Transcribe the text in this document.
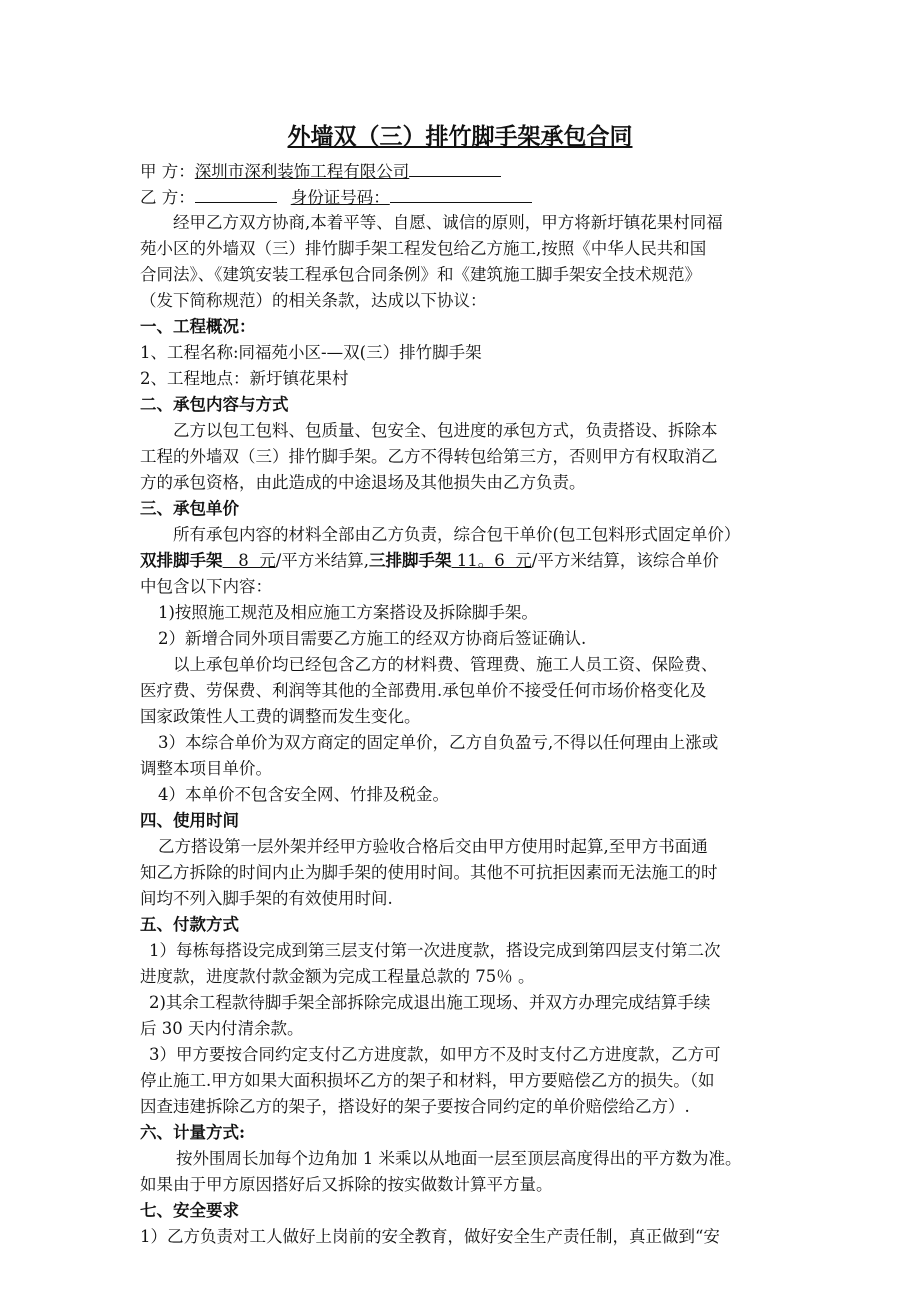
外墙双（三）排竹脚手架承包合同
甲 方：深圳市深利装饰工程有限公司
乙 方：	身份证号码：
经甲乙方双方协商,本着平等、自愿、诚信的原则，甲方将新圩镇花果村同福
苑小区的外墙双（三）排竹脚手架工程发包给乙方施工,按照《中华人民共和国
合同法》、《建筑安装工程承包合同条例》和《建筑施工脚手架安全技术规范》
（发下简称规范）的相关条款，达成以下协议：
一、工程概况：
1、工程名称:同福苑小区-—双(三）排竹脚手架
2、工程地点：新圩镇花果村
二、承包内容与方式
乙方以包工包料、包质量、包安全、包进度的承包方式，负责搭设、拆除本
工程的外墙双（三）排竹脚手架。乙方不得转包给第三方，否则甲方有权取消乙
方的承包资格，由此造成的中途退场及其他损失由乙方负责。
三、承包单价
所有承包内容的材料全部由乙方负责，综合包干单价(包工包料形式固定单价）
双排脚手架   8  元/平方米结算,三排脚手架 11。6  元/平方米结算，该综合单价
中包含以下内容：
1)按照施工规范及相应施工方案搭设及拆除脚手架。
2）新增合同外项目需要乙方施工的经双方协商后签证确认.
以上承包单价均已经包含乙方的材料费、管理费、施工人员工资、保险费、
医疗费、劳保费、利润等其他的全部费用.承包单价不接受任何市场价格变化及
国家政策性人工费的调整而发生变化。
3）本综合单价为双方商定的固定单价，乙方自负盈亏,不得以任何理由上涨或
调整本项目单价。
4）本单价不包含安全网、竹排及税金。
四、使用时间
乙方搭设第一层外架并经甲方验收合格后交由甲方使用时起算,至甲方书面通
知乙方拆除的时间内止为脚手架的使用时间。其他不可抗拒因素而无法施工的时
间均不列入脚手架的有效使用时间.
五、付款方式
1）每栋每搭设完成到第三层支付第一次进度款，搭设完成到第四层支付第二次
进度款，进度款付款金额为完成工程量总款的 75％ 。
2)其余工程款待脚手架全部拆除完成退出施工现场、并双方办理完成结算手续
后 30 天内付清余款。
3）甲方要按合同约定支付乙方进度款，如甲方不及时支付乙方进度款，乙方可
停止施工.甲方如果大面积损坏乙方的架子和材料，甲方要赔偿乙方的损失。（如
因查违建拆除乙方的架子，搭设好的架子要按合同约定的单价赔偿给乙方）.
六、计量方式:
按外围周长加每个边角加 1 米乘以从地面一层至顶层高度得出的平方数为准。
如果由于甲方原因搭好后又拆除的按实做数计算平方量。
七、安全要求
1）乙方负责对工人做好上岗前的安全教育，做好安全生产责任制，真正做到“安
